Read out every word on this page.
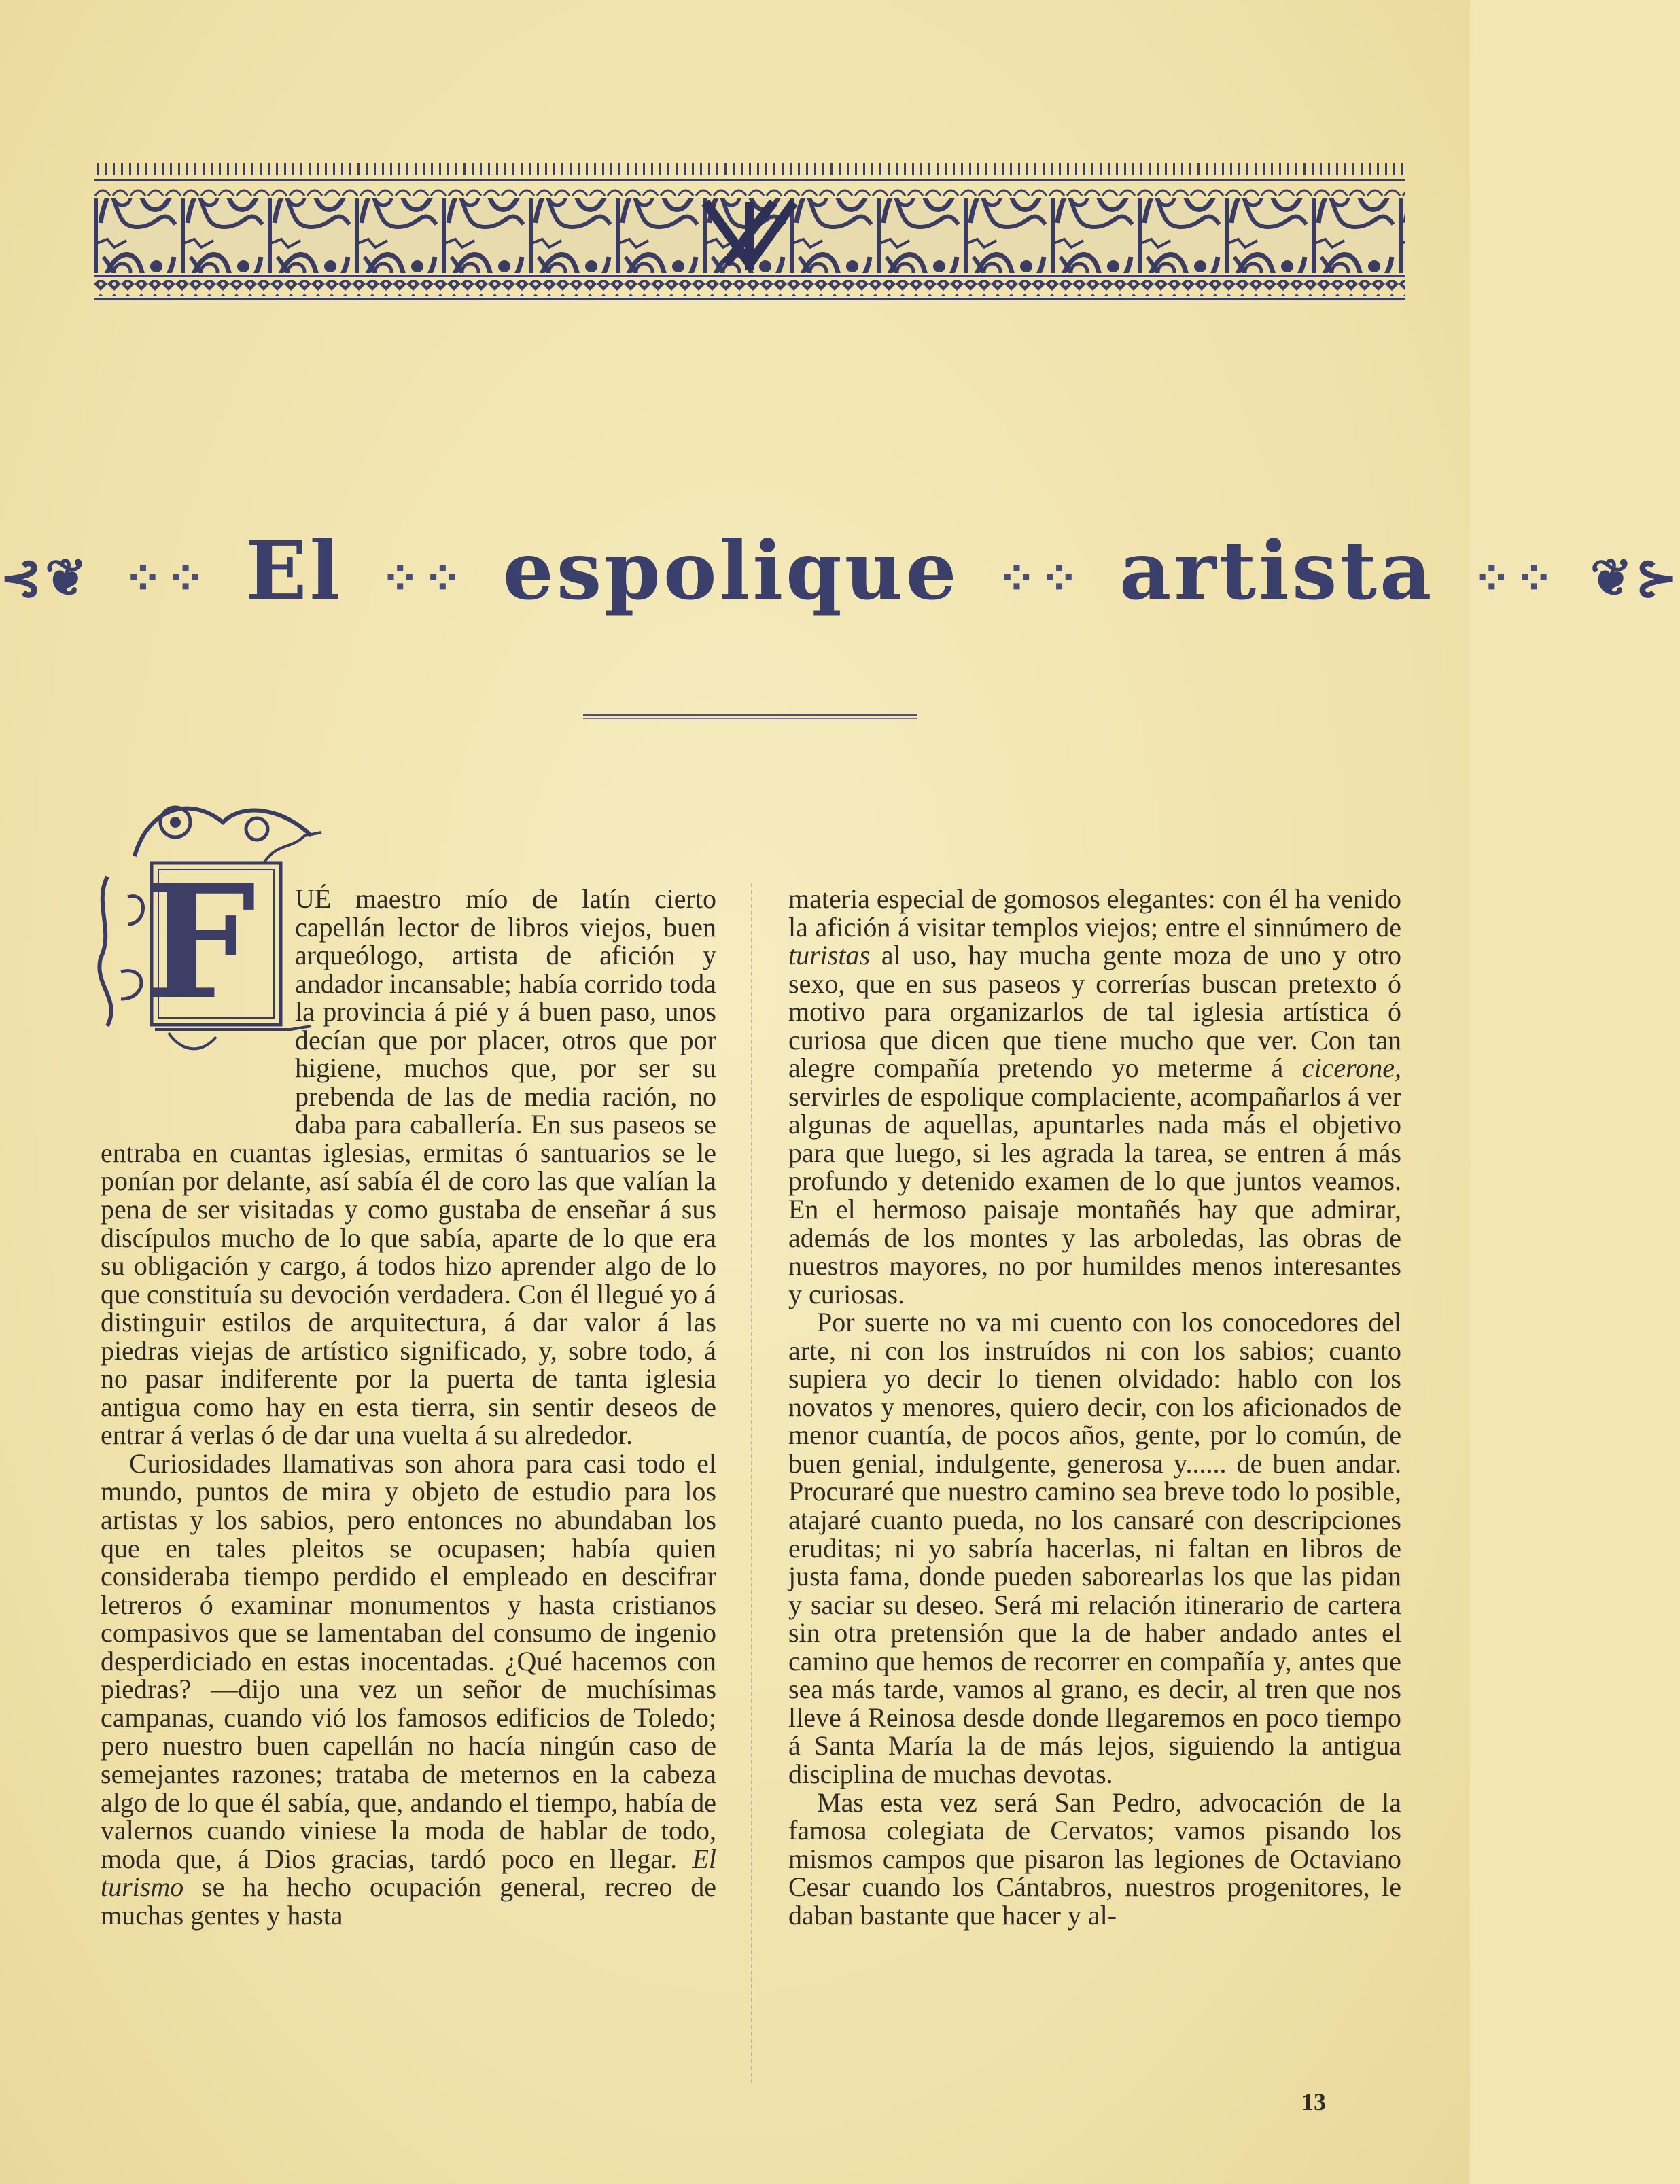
⊰❦ ⁘⁘ El ⁘⁘ espolique ⁘⁘ artista ⁘⁘ ❦⊱
F	UÉ maestro mío de latín cierto capellán lector de libros viejos, buen arqueólogo, artista de afición y andador incansable; había corrido toda la provincia á pié y á buen paso, unos decían que por placer, otros que por higiene, muchos que, por ser su prebenda de las de media ración, no daba para caballería. En sus paseos se entraba en cuantas iglesias, ermitas ó santuarios se le ponían por delante, así sabía él de coro las que valían la pena de ser visitadas y como gustaba de enseñar á sus discípulos mucho de lo que sabía, aparte de lo que era su obligación y cargo, á todos hizo aprender algo de lo que constituía su devoción verdadera. Con él llegué yo á distinguir estilos de arquitectura, á dar valor á las piedras viejas de artístico significado, y, sobre todo, á no pasar indiferente por la puerta de tanta iglesia antigua como hay en esta tierra, sin sentir deseos de entrar á verlas ó de dar una vuelta á su alrededor.

Curiosidades llamativas son ahora para casi todo el mundo, puntos de mira y objeto de estudio para los artistas y los sabios, pero entonces no abundaban los que en tales pleitos se ocupasen; había quien consideraba tiempo perdido el empleado en descifrar letreros ó examinar monumentos y hasta cristianos compasivos que se lamentaban del consumo de ingenio desperdiciado en estas inocentadas. ¿Qué hacemos con piedras? —dijo una vez un señor de muchísimas campanas, cuando vió los famosos edificios de Toledo; pero nuestro buen capellán no hacía ningún caso de semejantes razones; trataba de meternos en la cabeza algo de lo que él sabía, que, andando el tiempo, había de valernos cuando viniese la moda de hablar de todo, moda que, á Dios gracias, tardó poco en llegar. El turismo se ha hecho ocupación general, recreo de muchas gentes y hasta

materia especial de gomosos elegantes: con él ha venido la afición á visitar templos viejos; entre el sinnúmero de turistas al uso, hay mucha gente moza de uno y otro sexo, que en sus paseos y correrías buscan pretexto ó motivo para organizarlos de tal iglesia artística ó curiosa que dicen que tiene mucho que ver. Con tan alegre compañía pretendo yo meterme á cicerone, servirles de espolique complaciente, acompañarlos á ver algunas de aquellas, apuntarles nada más el objetivo para que luego, si les agrada la tarea, se entren á más profundo y detenido examen de lo que juntos veamos. En el hermoso paisaje montañés hay que admirar, además de los montes y las arboledas, las obras de nuestros mayores, no por humildes menos interesantes y curiosas.

Por suerte no va mi cuento con los conocedores del arte, ni con los instruídos ni con los sabios; cuanto supiera yo decir lo tienen olvidado: hablo con los novatos y menores, quiero decir, con los aficionados de menor cuantía, de pocos años, gente, por lo común, de buen genial, indulgente, generosa y...... de buen andar. Procuraré que nuestro camino sea breve todo lo posible, atajaré cuanto pueda, no los cansaré con descripciones eruditas; ni yo sabría hacerlas, ni faltan en libros de justa fama, donde pueden saborearlas los que las pidan y saciar su deseo. Será mi relación itinerario de cartera sin otra pretensión que la de haber andado antes el camino que hemos de recorrer en compañía y, antes que sea más tarde, vamos al grano, es decir, al tren que nos lleve á Reinosa desde donde llegaremos en poco tiempo á Santa María la de más lejos, siguiendo la antigua disciplina de muchas devotas.

Mas esta vez será San Pedro, advocación de la famosa colegiata de Cervatos; vamos pisando los mismos campos que pisaron las legiones de Octaviano Cesar cuando los Cántabros, nuestros progenitores, le daban bastante que hacer y al-

13
